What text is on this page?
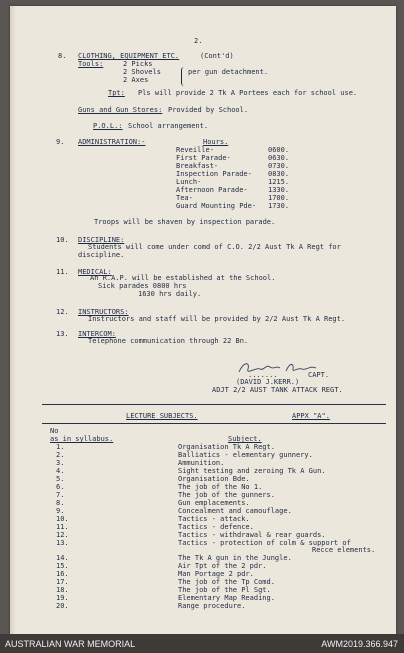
2.
8. CLOTHING, EQUIPMENT ETC.	(Cont'd)
Tools:	2 Picks
2 Shovels
2 Axes
per gun detachment.
Tpt: Pls will provide 2 Tk A Portees each for school use.
Guns and Gun Stores: Provided by School.
P.O.L.: School arrangement.
9. ADMINISTRATION:-	Hours.
Reveille-	0600.
First Parade-	0630.
Breakfast-	0730.
Inspection Parade- 0830.
Lunch-	1215.
Afternoon Parade-	1330.
Tea-	1700.
Guard Mounting Pde- 1730.
Troops will be shaven by inspection parade.
10. DISCIPLINE:
Students will come under comd of C.O. 2/2 Aust Tk A Regt for
discipline.
11. MEDICAL:
An R.A.P. will be established at the School.
Sick parades 0800 hrs
1630 hrs daily.
12. INSTRUCTORS:
Instructors and staff will be provided by 2/2 Aust Tk A Regt.
13. INTERCOM:
Telephone communication through 22 Bn.
.......	CAPT.
(DAVID J.KERR.)
ADJT 2/2 AUST TANK ATTACK REGT.
LECTURE SUBJECTS.	APPX "A".
No
as in syllabus.	Subject.
1.	Organisation Tk A Regt.
2.	Balliatics - elementary gunnery.
3.	Ammunition.
4.	Sight testing and zeroing Tk A Gun.
5.	Organisation Bde.
6.	The job of the No 1.
7.	The job of the gunners.
8.	Gun emplacements.
9.	Concealment and camouflage.
10.	Tactics - attack.
11.	Tactics - defence.
12.	Tactics - withdrawal & rear guards.
13.	Tactics - protection of colm & support of
Recce elements.
14.	The Tk A gun in the Jungle.
15.	Air Tpt of the 2 pdr.
16.	Man Portage 2 pdr.
17.	The job of the Tp Comd.
18.	The job of the Pl Sgt.
19.	Elementary Map Reading.
20.	Range procedure.
AUSTRALIAN WAR MEMORIAL	AWM2019.366.947
